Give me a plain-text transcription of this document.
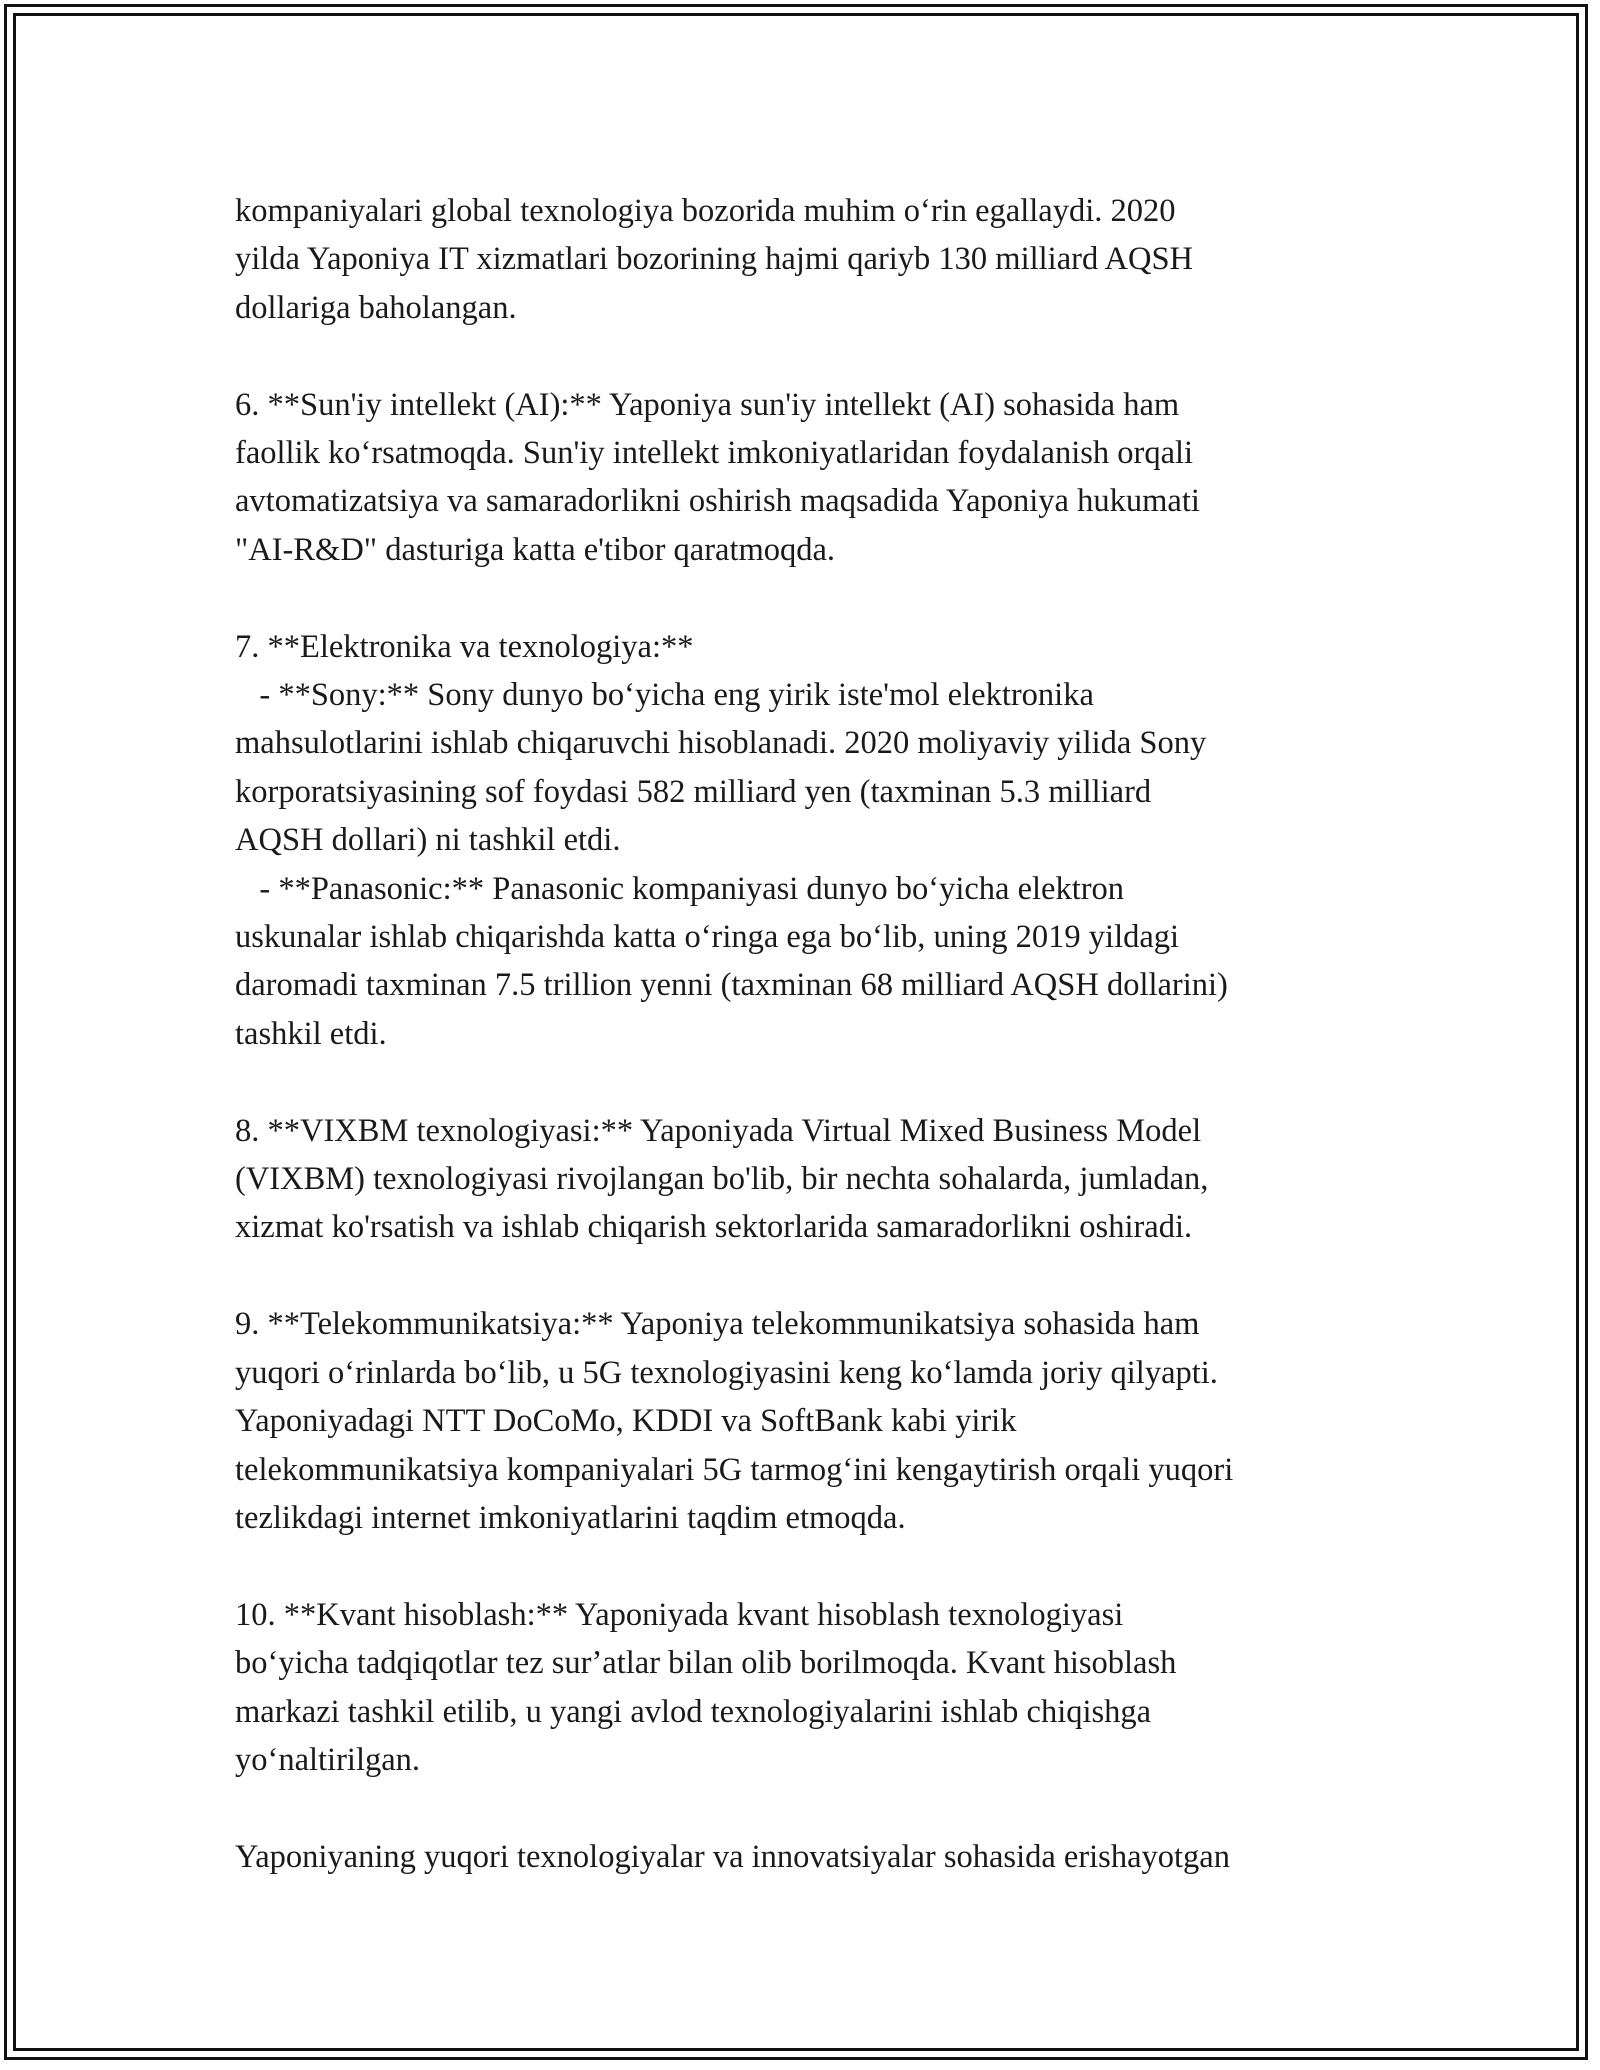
kompaniyalari global texnologiya bozorida muhim oʻrin egallaydi. 2020
yilda Yaponiya IT xizmatlari bozorining hajmi qariyb 130 milliard AQSH
dollariga baholangan.
6. **Sun'iy intellekt (AI):** Yaponiya sun'iy intellekt (AI) sohasida ham
faollik koʻrsatmoqda. Sun'iy intellekt imkoniyatlaridan foydalanish orqali
avtomatizatsiya va samaradorlikni oshirish maqsadida Yaponiya hukumati
"AI-R&D" dasturiga katta e'tibor qaratmoqda.
7. **Elektronika va texnologiya:**
- **Sony:** Sony dunyo boʻyicha eng yirik iste'mol elektronika
mahsulotlarini ishlab chiqaruvchi hisoblanadi. 2020 moliyaviy yilida Sony
korporatsiyasining sof foydasi 582 milliard yen (taxminan 5.3 milliard
AQSH dollari) ni tashkil etdi.
- **Panasonic:** Panasonic kompaniyasi dunyo boʻyicha elektron
uskunalar ishlab chiqarishda katta oʻringa ega boʻlib, uning 2019 yildagi
daromadi taxminan 7.5 trillion yenni (taxminan 68 milliard AQSH dollarini)
tashkil etdi.
8. **VIXBM texnologiyasi:** Yaponiyada Virtual Mixed Business Model
(VIXBM) texnologiyasi rivojlangan bo'lib, bir nechta sohalarda, jumladan,
xizmat ko'rsatish va ishlab chiqarish sektorlarida samaradorlikni oshiradi.
9. **Telekommunikatsiya:** Yaponiya telekommunikatsiya sohasida ham
yuqori oʻrinlarda boʻlib, u 5G texnologiyasini keng koʻlamda joriy qilyapti.
Yaponiyadagi NTT DoCoMo, KDDI va SoftBank kabi yirik
telekommunikatsiya kompaniyalari 5G tarmogʻini kengaytirish orqali yuqori
tezlikdagi internet imkoniyatlarini taqdim etmoqda.
10. **Kvant hisoblash:** Yaponiyada kvant hisoblash texnologiyasi
boʻyicha tadqiqotlar tez surʼatlar bilan olib borilmoqda. Kvant hisoblash
markazi tashkil etilib, u yangi avlod texnologiyalarini ishlab chiqishga
yoʻnaltirilgan.
Yaponiyaning yuqori texnologiyalar va innovatsiyalar sohasida erishayotgan
